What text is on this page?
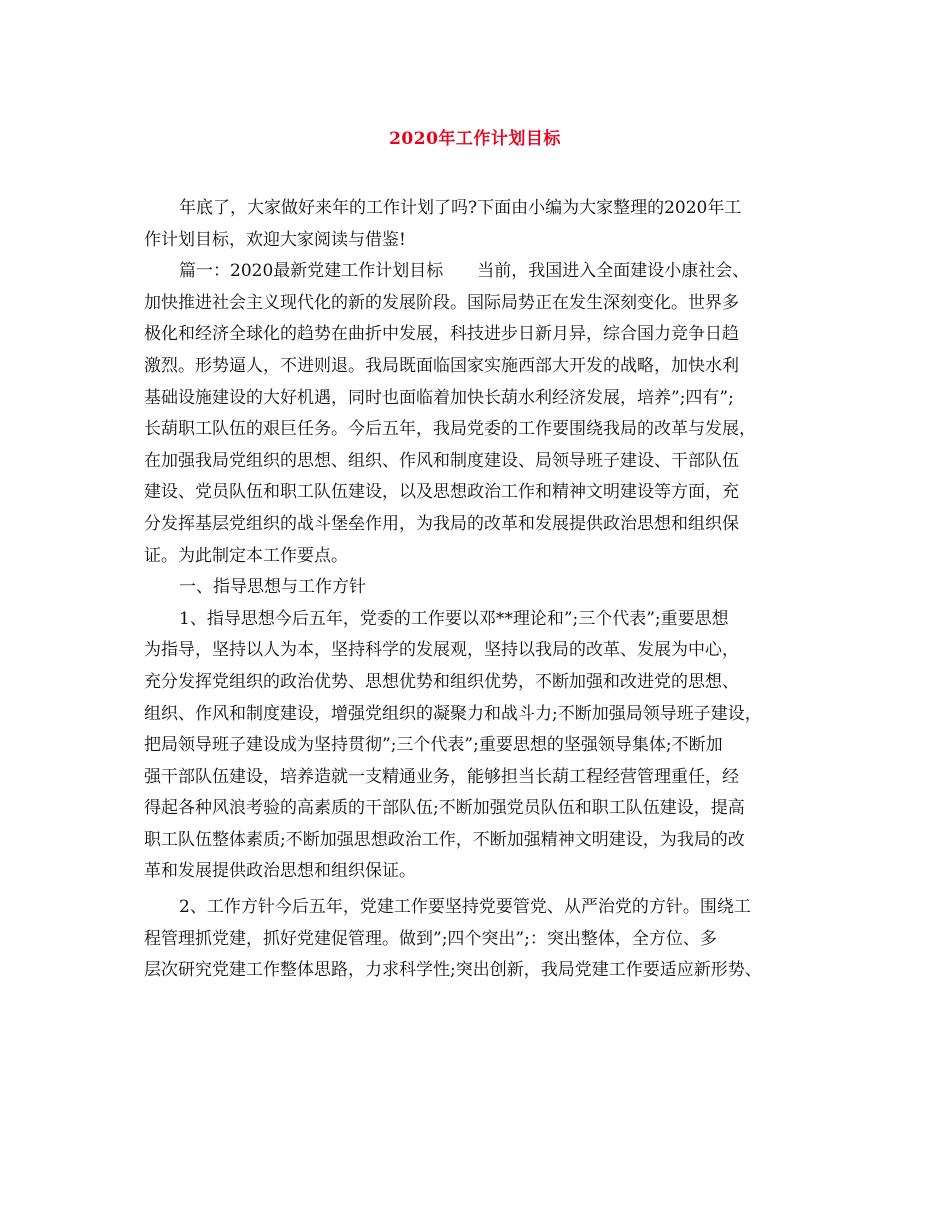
2020年工作计划目标
年底了，大家做好来年的工作计划了吗?下面由小编为大家整理的2020年工
作计划目标，欢迎大家阅读与借鉴!
篇一：2020最新党建工作计划目标　　当前，我国进入全面建设小康社会、
加快推进社会主义现代化的新的发展阶段。国际局势正在发生深刻变化。世界多
极化和经济全球化的趋势在曲折中发展，科技进步日新月异，综合国力竞争日趋
激烈。形势逼人，不进则退。我局既面临国家实施西部大开发的战略，加快水利
基础设施建设的大好机遇，同时也面临着加快长葫水利经济发展，培养”;四有”;
长葫职工队伍的艰巨任务。今后五年，我局党委的工作要围绕我局的改革与发展，
在加强我局党组织的思想、组织、作风和制度建设、局领导班子建设、干部队伍
建设、党员队伍和职工队伍建设，以及思想政治工作和精神文明建设等方面，充
分发挥基层党组织的战斗堡垒作用，为我局的改革和发展提供政治思想和组织保
证。为此制定本工作要点。
一、指导思想与工作方针
1、指导思想今后五年，党委的工作要以邓**理论和”;三个代表”;重要思想
为指导，坚持以人为本，坚持科学的发展观，坚持以我局的改革、发展为中心，
充分发挥党组织的政治优势、思想优势和组织优势，不断加强和改进党的思想、
组织、作风和制度建设，增强党组织的凝聚力和战斗力;不断加强局领导班子建设，
把局领导班子建设成为坚持贯彻”;三个代表”;重要思想的坚强领导集体;不断加
强干部队伍建设，培养造就一支精通业务，能够担当长葫工程经营管理重任，经
得起各种风浪考验的高素质的干部队伍;不断加强党员队伍和职工队伍建设，提高
职工队伍整体素质;不断加强思想政治工作，不断加强精神文明建设，为我局的改
革和发展提供政治思想和组织保证。
2、工作方针今后五年，党建工作要坚持党要管党、从严治党的方针。围绕工
程管理抓党建，抓好党建促管理。做到”;四个突出”;：突出整体，全方位、多
层次研究党建工作整体思路，力求科学性;突出创新，我局党建工作要适应新形势、
